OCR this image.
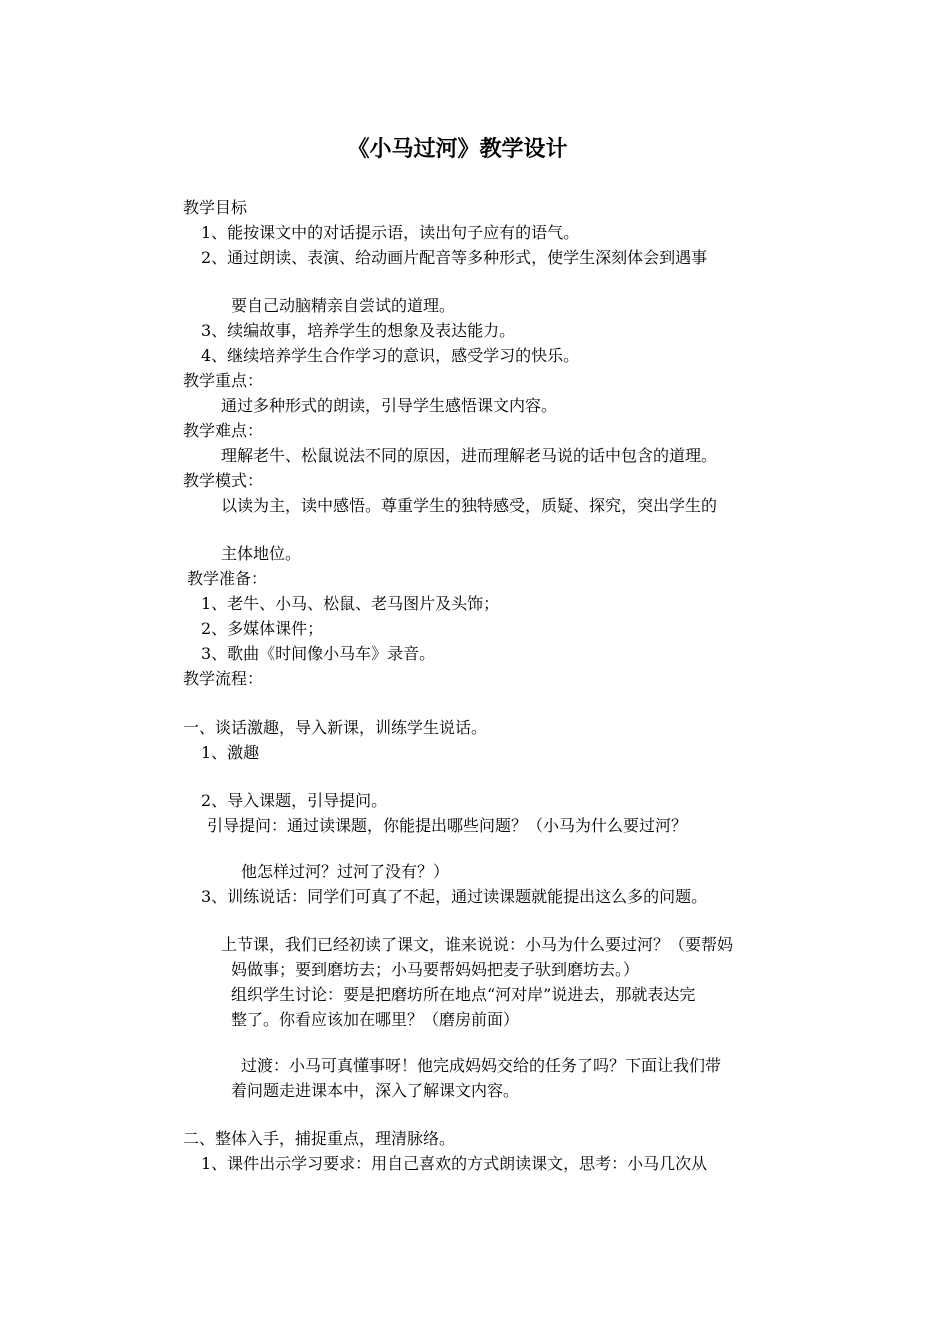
《小马过河》教学设计
教学目标
1、能按课文中的对话提示语，读出句子应有的语气。
2、通过朗读、表演、给动画片配音等多种形式，使学生深刻体会到遇事
要自己动脑精亲自尝试的道理。
3、续编故事，培养学生的想象及表达能力。
4、继续培养学生合作学习的意识，感受学习的快乐。
教学重点：
通过多种形式的朗读，引导学生感悟课文内容。
教学难点：
理解老牛、松鼠说法不同的原因，进而理解老马说的话中包含的道理。
教学模式：
以读为主，读中感悟。尊重学生的独特感受，质疑、探究，突出学生的
主体地位。
教学准备：
1、老牛、小马、松鼠、老马图片及头饰；
2、多媒体课件；
3、歌曲《时间像小马车》录音。
教学流程：
一、谈话激趣，导入新课，训练学生说话。
1、激趣
2、导入课题，引导提问。
引导提问：通过读课题，你能提出哪些问题？（小马为什么要过河？
他怎样过河？过河了没有？）
3、训练说话：同学们可真了不起，通过读课题就能提出这么多的问题。
上节课，我们已经初读了课文，谁来说说：小马为什么要过河？（要帮妈
妈做事；要到磨坊去；小马要帮妈妈把麦子驮到磨坊去。）
组织学生讨论：要是把磨坊所在地点“河对岸”说进去，那就表达完
整了。你看应该加在哪里？（磨房前面）
过渡：小马可真懂事呀！他完成妈妈交给的任务了吗？下面让我们带
着问题走进课本中，深入了解课文内容。
二、整体入手，捕捉重点，理清脉络。
1、课件出示学习要求：用自己喜欢的方式朗读课文，思考：小马几次从
